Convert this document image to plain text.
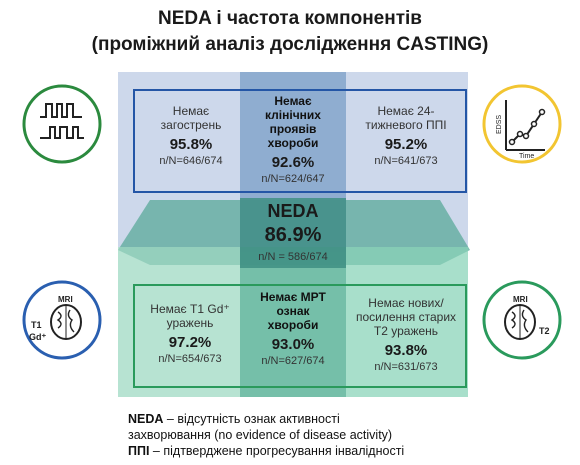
NEDA і частота компонентів
(проміжний аналіз дослідження CASTING)
EDSS
Time
MRI
T1
Gd⁺
MRI
T2
Немає
загострень
95.8%
n/N=646/674
Немає
клінічних
проявів
хвороби
92.6%
n/N=624/647
Немає 24-
тижневого ППІ
95.2%
n/N=641/673
NEDA
86.9%
n/N = 586/674
Немає T1 Gd⁺
уражень
97.2%
n/N=654/673
Немає МРТ
ознак
хвороби
93.0%
n/N=627/674
Немає нових/
посилення старих
T2 уражень
93.8%
n/N=631/673
NEDA – відсутність ознак активності
захворювання (no evidence of disease activity)
ППІ – підтверджене прогресування інвалідності
